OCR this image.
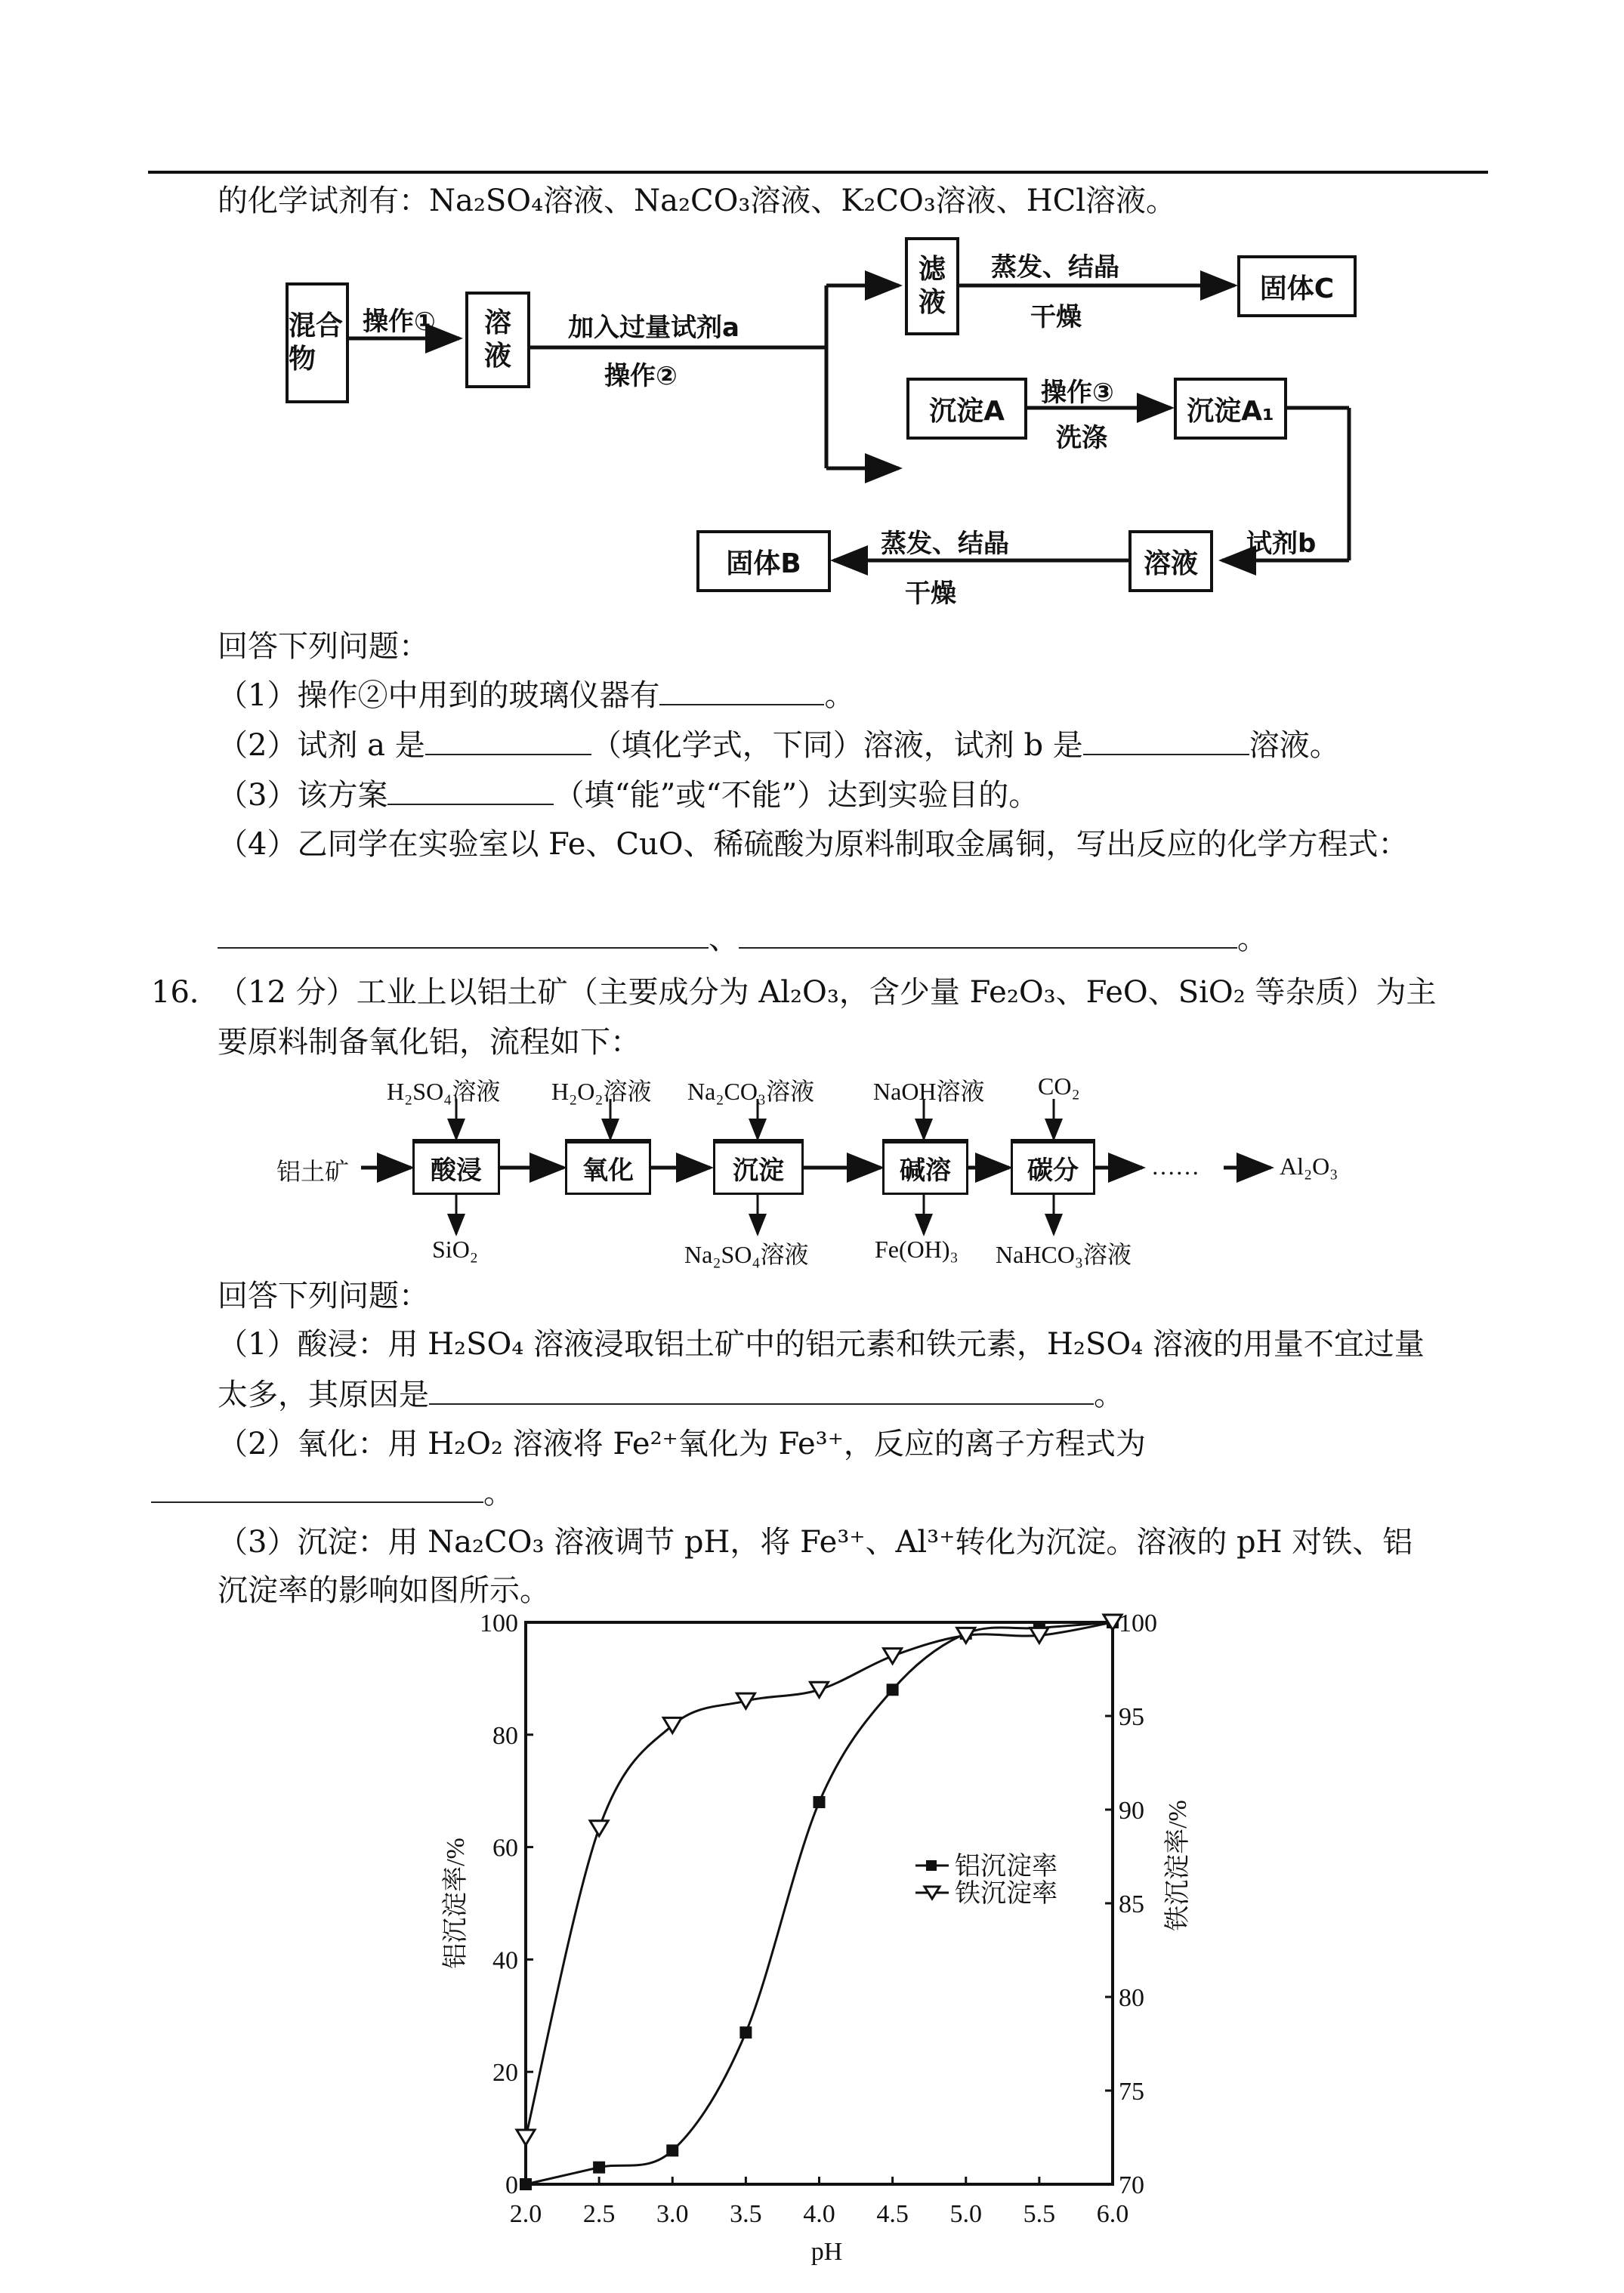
的化学试剂有：Na₂SO₄溶液、Na₂CO₃溶液、K₂CO₃溶液、HCl溶液。
混合物
溶液
滤液	固体C
沉淀A	沉淀A₁
溶液
固体B
操作①	加入过量试剂a
操作②
蒸发、结晶
干燥
操作③
洗涤
试剂b
蒸发、结晶
干燥
回答下列问题：
（1）操作②中用到的玻璃仪器有	。
（2）试剂 a 是	（填化学式，下同）溶液，试剂 b 是	溶液。
（3）该方案	（填“能”或“不能”）达到实验目的。
（4）乙同学在实验室以 Fe、CuO、稀硫酸为原料制取金属铜，写出反应的化学方程式：
、	。
16．
（12 分）工业上以铝土矿（主要成分为 Al₂O₃，含少量 Fe₂O₃、FeO、SiO₂ 等杂质）为主
要原料制备氧化铝，流程如下：
铝土矿
H₂SO₄溶液 H₂O₂溶液 Na₂CO₃溶液 NaOH溶液 CO₂
酸浸	氧化	沉淀	碱溶	碳分	……	Al₂O₃
SiO₂	Na₂SO₄溶液	Fe(OH)₃ NaHCO₃溶液
回答下列问题：
（1）酸浸：用 H₂SO₄ 溶液浸取铝土矿中的铝元素和铁元素，H₂SO₄ 溶液的用量不宜过量
太多，其原因是	。
（2）氧化：用 H₂O₂ 溶液将 Fe²⁺氧化为 Fe³⁺，反应的离子方程式为
。
（3）沉淀：用 Na₂CO₃ 溶液调节 pH，将 Fe³⁺、Al³⁺转化为沉淀。溶液的 pH 对铁、铝
沉淀率的影响如图所示。
2.0 2.5 3.0 3.5 4.0 4.5 5.0 5.5 6.0
0
20
40
60
80
100
70
75
80
85
90
95
100
pH
铝沉淀率/%	铁沉淀率/%
铝沉淀率
铁沉淀率
